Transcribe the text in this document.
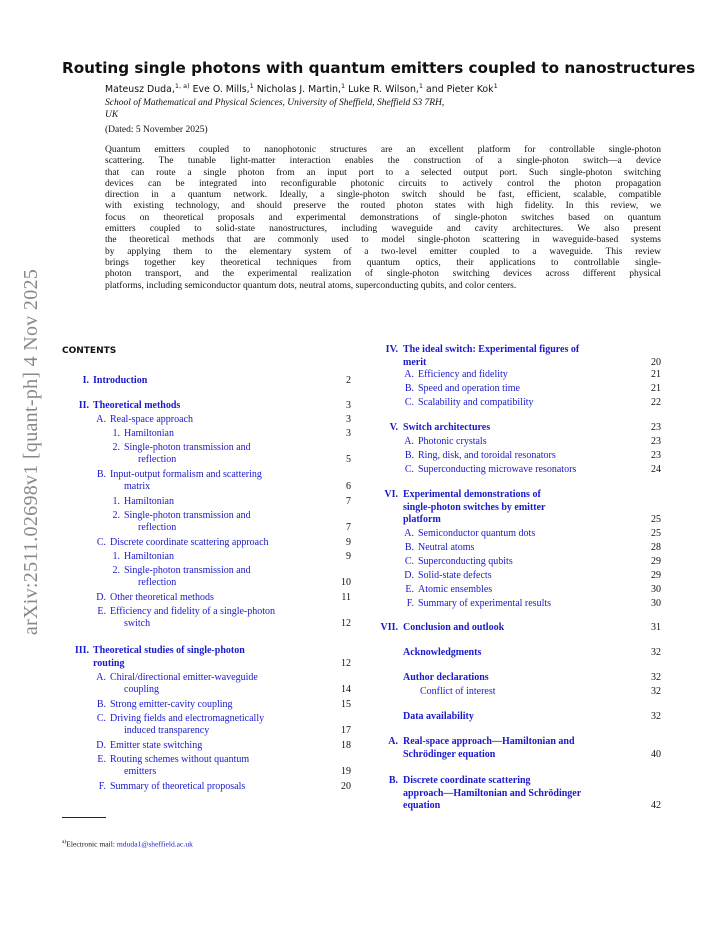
arXiv:2511.02698v1 [quant-ph] 4 Nov 2025
Routing single photons with quantum emitters coupled to nanostructures
Mateusz Duda,$^{1, a)}$ Eve O. Mills,$^1$ Nicholas J. Martin,$^1$ Luke R. Wilson,$^1$ and Pieter Kok$^1$
School of Mathematical and Physical Sciences, University of Sheffield, Sheffield S3 7RH,
UK
(Dated: 5 November 2025)
Quantum emitters coupled to nanophotonic structures are an excellent platform for controllable single-photon
scattering. The tunable light-matter interaction enables the construction of a single-photon switch—a device
that can route a single photon from an input port to a selected output port. Such single-photon switching
devices can be integrated into reconfigurable photonic circuits to actively control the photon propagation
direction in a quantum network. Ideally, a single-photon switch should be fast, efficient, scalable, compatible
with existing technology, and should preserve the routed photon states with high fidelity. In this review, we
focus on theoretical proposals and experimental demonstrations of single-photon switches based on quantum
emitters coupled to solid-state nanostructures, including waveguide and cavity architectures. We also present
the theoretical methods that are commonly used to model single-photon scattering in waveguide-based systems
by applying them to the elementary system of a two-level emitter coupled to a waveguide. This review
brings together key theoretical techniques from quantum optics, their applications to controllable single-
photon transport, and the experimental realization of single-photon switching devices across different physical
platforms, including semiconductor quantum dots, neutral atoms, superconducting qubits, and color centers.
CONTENTS
I. Introduction	2
II. Theoretical methods	3
A. Real-space approach	3
1. Hamiltonian	3
2. Single-photon transmission and
reflection	5
B. Input-output formalism and scattering
matrix	6
1. Hamiltonian	7
2. Single-photon transmission and
reflection	7
C. Discrete coordinate scattering approach	9
1. Hamiltonian	9
2. Single-photon transmission and
reflection	10
D. Other theoretical methods	11
E. Efficiency and fidelity of a single-photon
switch	12
III. Theoretical studies of single-photon
routing	12
A. Chiral/directional emitter-waveguide
coupling	14
B. Strong emitter-cavity coupling	15
C. Driving fields and electromagnetically
induced transparency	17
D. Emitter state switching	18
E. Routing schemes without quantum
emitters	19
F. Summary of theoretical proposals	20
IV. The ideal switch: Experimental figures of
merit	20
A. Efficiency and fidelity	21
B. Speed and operation time	21
C. Scalability and compatibility	22
V. Switch architectures	23
A. Photonic crystals	23
B. Ring, disk, and toroidal resonators	23
C. Superconducting microwave resonators	24
VI. Experimental demonstrations of
single-photon switches by emitter
platform	25
A. Semiconductor quantum dots	25
B. Neutral atoms	28
C. Superconducting qubits	29
D. Solid-state defects	29
E. Atomic ensembles	30
F. Summary of experimental results	30
VII. Conclusion and outlook	31
Acknowledgments	32
Author declarations	32
Conflict of interest	32
Data availability	32
A. Real-space approach—Hamiltonian and
Schrödinger equation	40
B. Discrete coordinate scattering
approach—Hamiltonian and Schrödinger
equation	42
$^{a)}$Electronic mail: mduda1@sheffield.ac.uk
